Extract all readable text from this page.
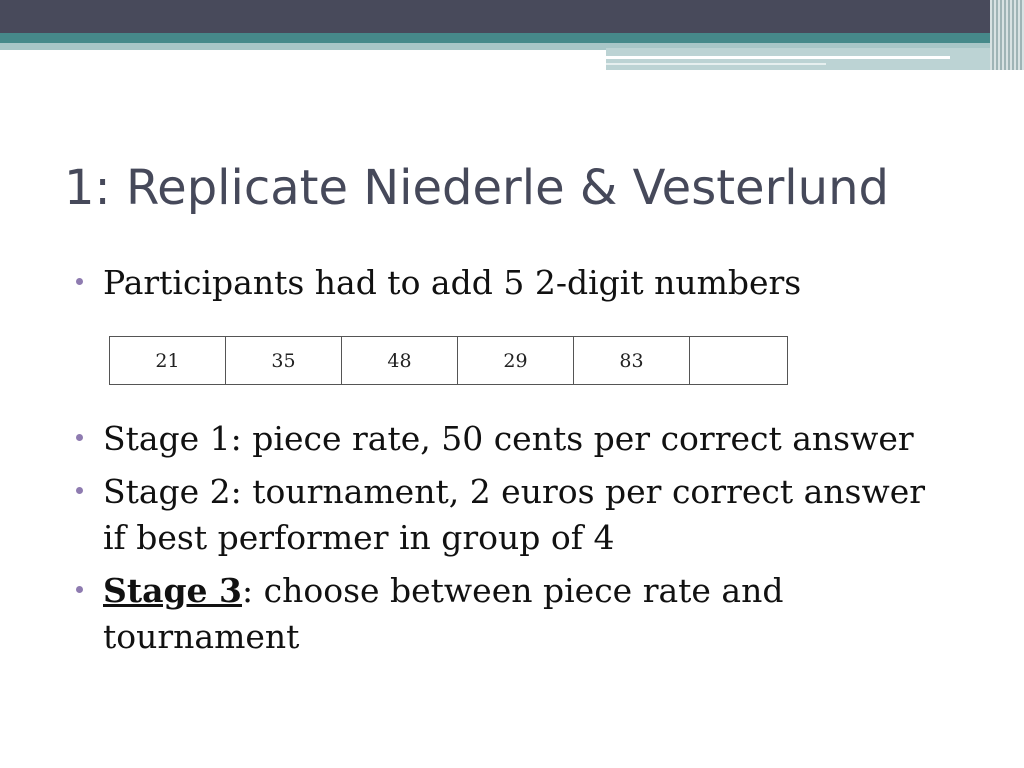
1: Replicate Niederle & Vesterlund
Participants had to add 5 2-digit numbers
21	35	48	29	83	
Stage 1: piece rate, 50 cents per correct answer
Stage 2: tournament, 2 euros per correct answer if best performer in group of 4
Stage 3: choose between piece rate and tournament
